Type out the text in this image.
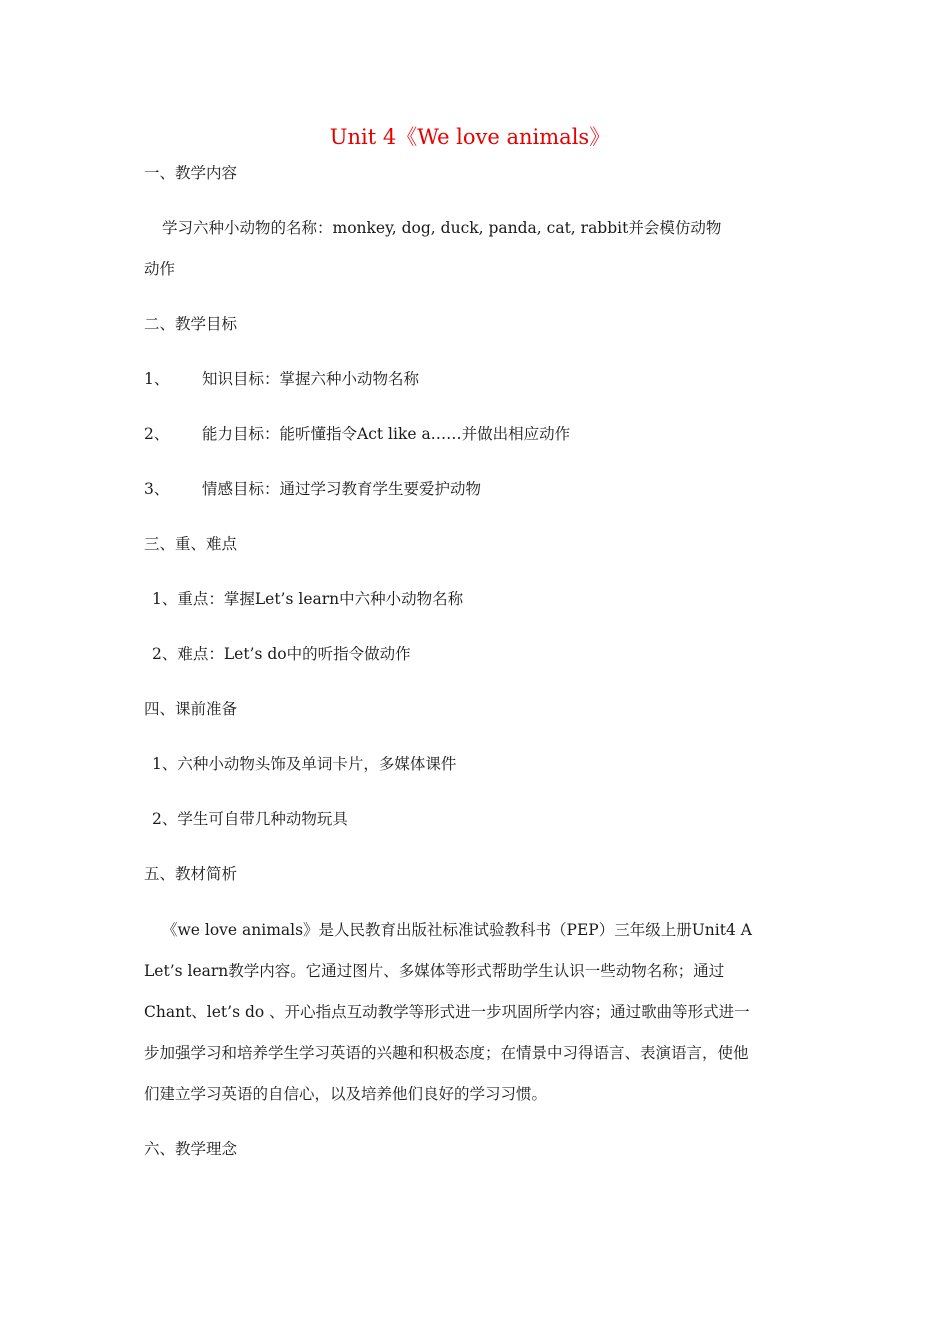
Unit 4《We love animals》
一、教学内容
学习六种小动物的名称：monkey, dog, duck, panda, cat, rabbit并会模仿动物
动作
二、教学目标
1、 知识目标：掌握六种小动物名称
2、 能力目标：能听懂指令Act like a……并做出相应动作
3、 情感目标：通过学习教育学生要爱护动物
三、重、难点
1、重点：掌握Let’s learn中六种小动物名称
2、难点：Let’s do中的听指令做动作
四、课前准备
1、六种小动物头饰及单词卡片，多媒体课件
2、学生可自带几种动物玩具
五、教材简析
《we love animals》是人民教育出版社标准试验教科书（PEP）三年级上册Unit4 A
Let’s learn教学内容。它通过图片、多媒体等形式帮助学生认识一些动物名称；通过
Chant、let’s do 、开心指点互动教学等形式进一步巩固所学内容；通过歌曲等形式进一
步加强学习和培养学生学习英语的兴趣和积极态度；在情景中习得语言、表演语言，使他
们建立学习英语的自信心，以及培养他们良好的学习习惯。
六、教学理念
